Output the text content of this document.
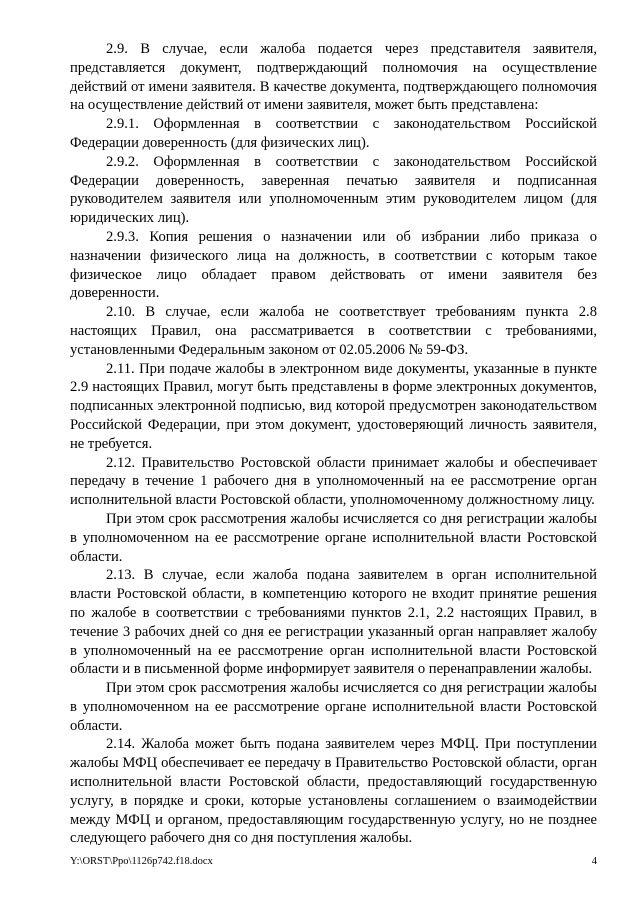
2.9. В случае, если жалоба подается через представителя заявителя, представляется документ, подтверждающий полномочия на осуществление действий от имени заявителя. В качестве документа, подтверждающего полномочия на осуществление действий от имени заявителя, может быть представлена:

2.9.1. Оформленная в соответствии с законодательством Российской Федерации доверенность (для физических лиц).

2.9.2. Оформленная в соответствии с законодательством Российской Федерации доверенность, заверенная печатью заявителя и подписанная руководителем заявителя или уполномоченным этим руководителем лицом (для юридических лиц).

2.9.3. Копия решения о назначении или об избрании либо приказа о назначении физического лица на должность, в соответствии с которым такое физическое лицо обладает правом действовать от имени заявителя без доверенности.

2.10. В случае, если жалоба не соответствует требованиям пункта 2.8 настоящих Правил, она рассматривается в соответствии с требованиями, установленными Федеральным законом от 02.05.2006 № 59-ФЗ.

2.11. При подаче жалобы в электронном виде документы, указанные в пункте 2.9 настоящих Правил, могут быть представлены в форме электронных документов, подписанных электронной подписью, вид которой предусмотрен законодательством Российской Федерации, при этом документ, удостоверяющий личность заявителя, не требуется.

2.12. Правительство Ростовской области принимает жалобы и обеспечивает передачу в течение 1 рабочего дня в уполномоченный на ее рассмотрение орган исполнительной власти Ростовской области, уполномоченному должностному лицу.

При этом срок рассмотрения жалобы исчисляется со дня регистрации жалобы в уполномоченном на ее рассмотрение органе исполнительной власти Ростовской области.

2.13. В случае, если жалоба подана заявителем в орган исполнительной власти Ростовской области, в компетенцию которого не входит принятие решения по жалобе в соответствии с требованиями пунктов 2.1, 2.2 настоящих Правил, в течение 3 рабочих дней со дня ее регистрации указанный орган направляет жалобу в уполномоченный на ее рассмотрение орган исполнительной власти Ростовской области и в письменной форме информирует заявителя о перенаправлении жалобы.

При этом срок рассмотрения жалобы исчисляется со дня регистрации жалобы в уполномоченном на ее рассмотрение органе исполнительной власти Ростовской области.

2.14. Жалоба может быть подана заявителем через МФЦ. При поступлении жалобы МФЦ обеспечивает ее передачу в Правительство Ростовской области, орган исполнительной власти Ростовской области, предоставляющий государственную услугу, в порядке и сроки, которые установлены соглашением о взаимодействии между МФЦ и органом, предоставляющим государственную услугу, но не позднее следующего рабочего дня со дня поступления жалобы.

Y:\ORST\Ppo\1126p742.f18.docx	4
